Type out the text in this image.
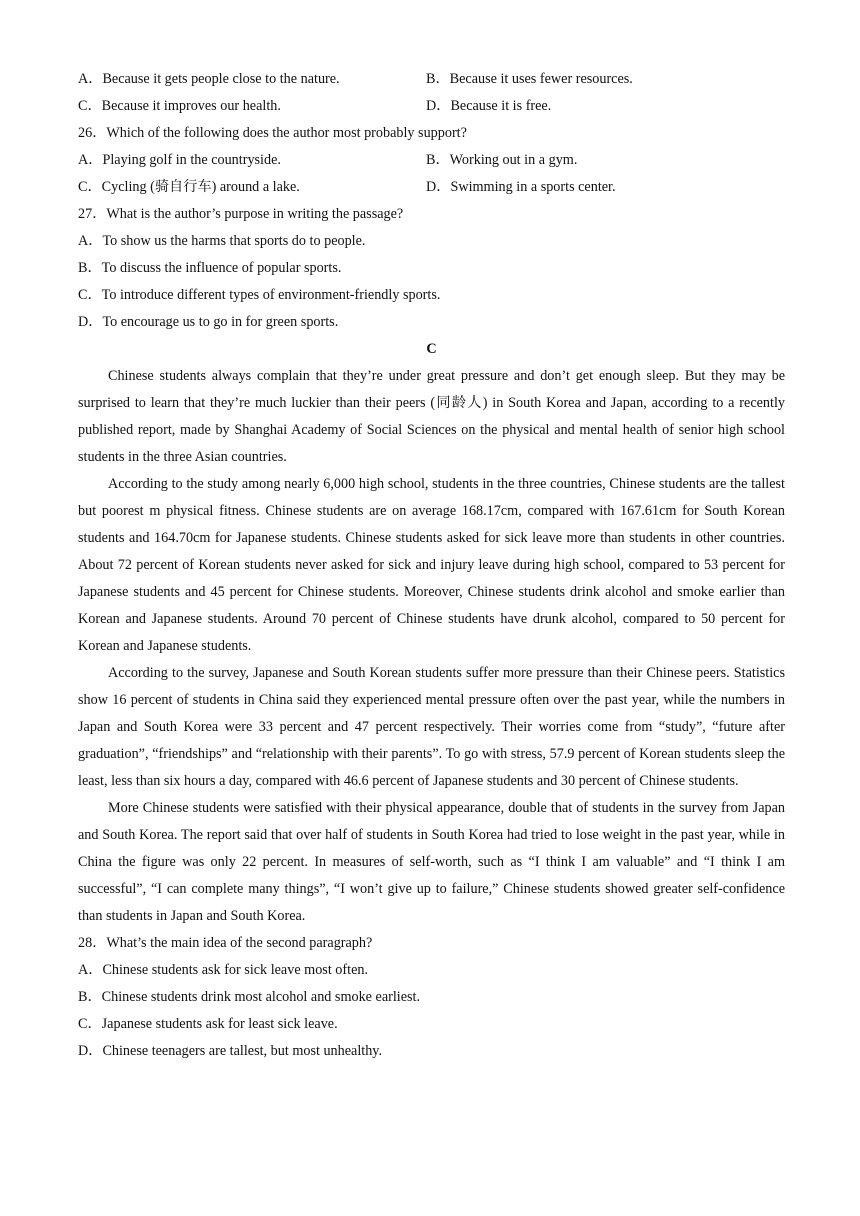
A．Because it gets people close to the nature.	B．Because it uses fewer resources.
C．Because it improves our health.	D．Because it is free.
26．Which of the following does the author most probably support?
A．Playing golf in the countryside.	B．Working out in a gym.
C．Cycling (骑自行车) around a lake.	D．Swimming in a sports center.
27．What is the author’s purpose in writing the passage?
A．To show us the harms that sports do to people.
B．To discuss the influence of popular sports.
C．To introduce different types of environment-friendly sports.
D．To encourage us to go in for green sports.
C

Chinese students always complain that they’re under great pressure and don’t get enough sleep. But they may be surprised to learn that they’re much luckier than their peers (同龄人) in South Korea and Japan, according to a recently published report, made by Shanghai Academy of Social Sciences on the physical and mental health of senior high school students in the three Asian countries.

According to the study among nearly 6,000 high school, students in the three countries, Chinese students are the tallest but poorest m physical fitness. Chinese students are on average 168.17cm, compared with 167.61cm for South Korean students and 164.70cm for Japanese students. Chinese students asked for sick leave more than students in other countries. About 72 percent of Korean students never asked for sick and injury leave during high school, compared to 53 percent for Japanese students and 45 percent for Chinese students. Moreover, Chinese students drink alcohol and smoke earlier than Korean and Japanese students. Around 70 percent of Chinese students have drunk alcohol, compared to 50 percent for Korean and Japanese students.

According to the survey, Japanese and South Korean students suffer more pressure than their Chinese peers. Statistics show 16 percent of students in China said they experienced mental pressure often over the past year, while the numbers in Japan and South Korea were 33 percent and 47 percent respectively. Their worries come from “study”, “future after graduation”, “friendships” and “relationship with their parents”. To go with stress, 57.9 percent of Korean students sleep the least, less than six hours a day, compared with 46.6 percent of Japanese students and 30 percent of Chinese students.

More Chinese students were satisfied with their physical appearance, double that of students in the survey from Japan and South Korea. The report said that over half of students in South Korea had tried to lose weight in the past year, while in China the figure was only 22 percent. In measures of self-worth, such as “I think I am valuable” and “I think I am successful”, “I can complete many things”, “I won’t give up to failure,” Chinese students showed greater self-confidence than students in Japan and South Korea.

28．What’s the main idea of the second paragraph?
A．Chinese students ask for sick leave most often.
B．Chinese students drink most alcohol and smoke earliest.
C．Japanese students ask for least sick leave.
D．Chinese teenagers are tallest, but most unhealthy.
